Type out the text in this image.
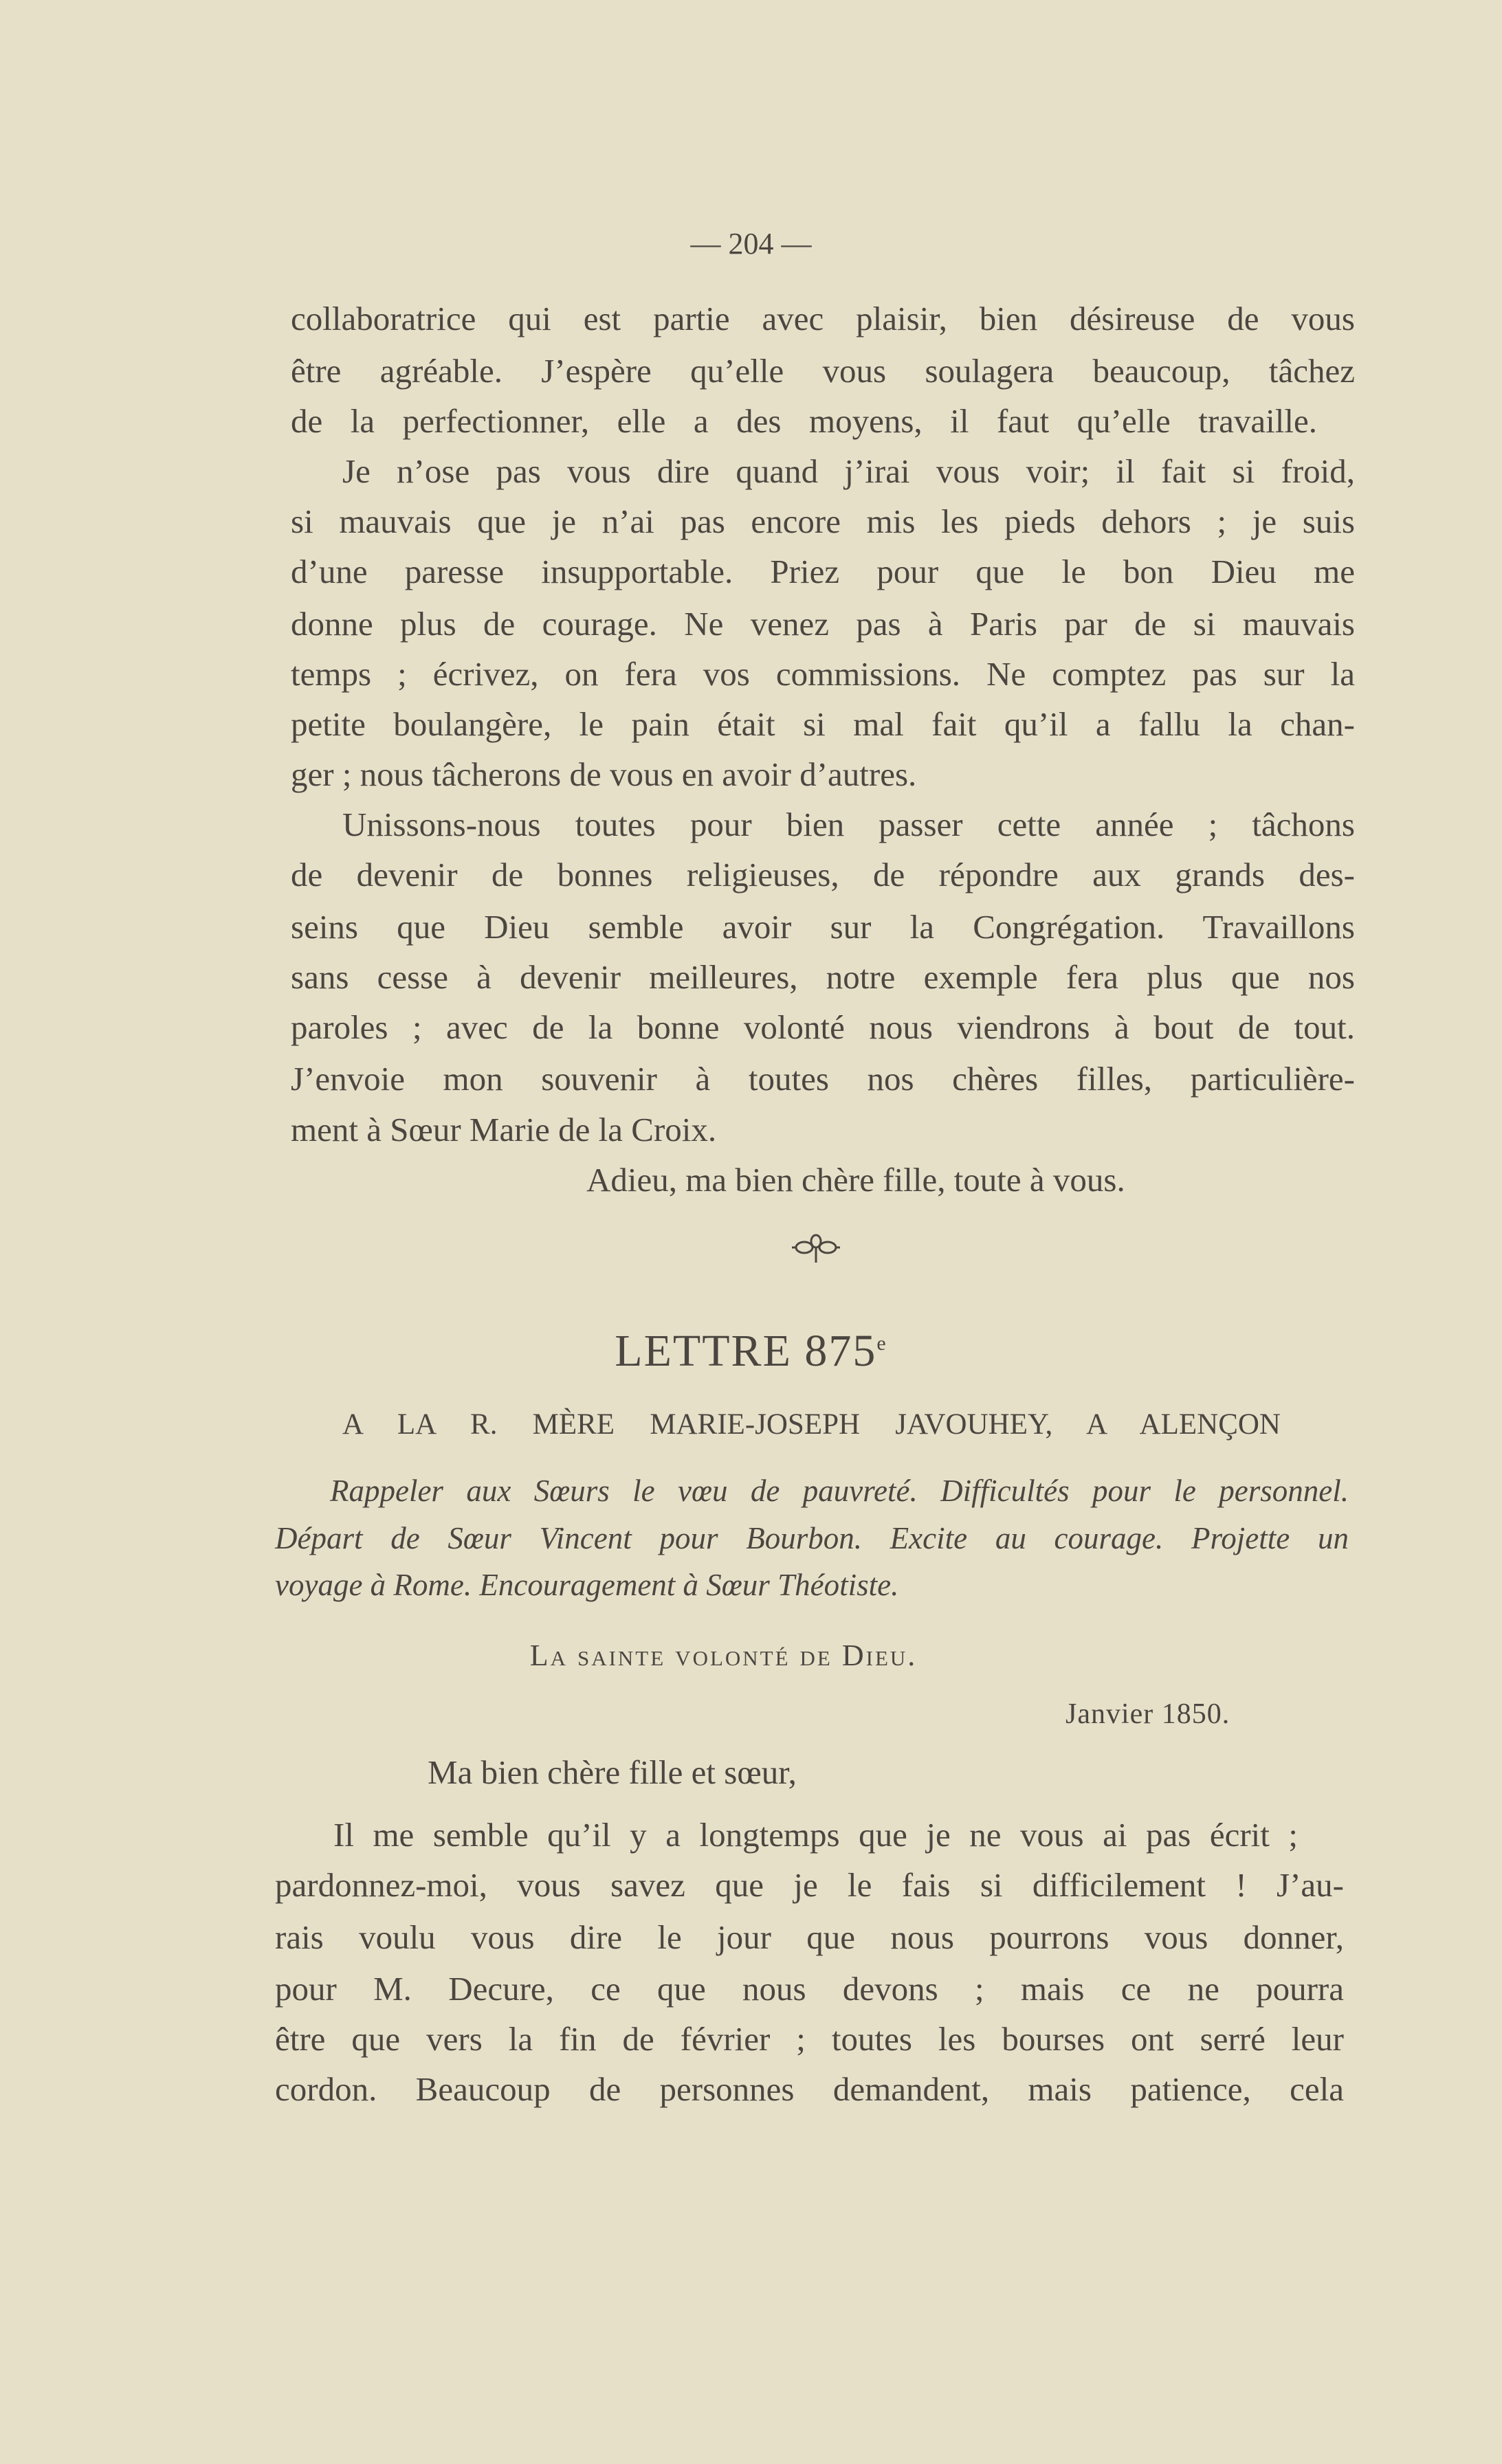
— 204 —
collaboratrice qui est partie avec plaisir, bien désireuse de vous
être agréable. J’espère qu’elle vous soulagera beaucoup, tâchez
de la perfectionner, elle a des moyens, il faut qu’elle travaille.
Je n’ose pas vous dire quand j’irai vous voir; il fait si froid,
si mauvais que je n’ai pas encore mis les pieds dehors ; je suis
d’une paresse insupportable. Priez pour que le bon Dieu me
donne plus de courage. Ne venez pas à Paris par de si mauvais
temps ; écrivez, on fera vos commissions. Ne comptez pas sur la
petite boulangère, le pain était si mal fait qu’il a fallu la chan-
ger ; nous tâcherons de vous en avoir d’autres.
Unissons-nous toutes pour bien passer cette année ; tâchons
de devenir de bonnes religieuses, de répondre aux grands des-
seins que Dieu semble avoir sur la Congrégation. Travaillons
sans cesse à devenir meilleures, notre exemple fera plus que nos
paroles ; avec de la bonne volonté nous viendrons à bout de tout.
J’envoie mon souvenir à toutes nos chères filles, particulière-
ment à Sœur Marie de la Croix.
Adieu, ma bien chère fille, toute à vous.
LETTRE 875e
A LA R. MÈRE MARIE-JOSEPH JAVOUHEY, A ALENÇON
Rappeler aux Sœurs le vœu de pauvreté. Difficultés pour le personnel.
Départ de Sœur Vincent pour Bourbon. Excite au courage. Projette un
voyage à Rome. Encouragement à Sœur Théotiste.
La sainte volonté de Dieu.
Janvier 1850.
Ma bien chère fille et sœur,
Il me semble qu’il y a longtemps que je ne vous ai pas écrit ;
pardonnez-moi, vous savez que je le fais si difficilement ! J’au-
rais voulu vous dire le jour que nous pourrons vous donner,
pour M. Decure, ce que nous devons ; mais ce ne pourra
être que vers la fin de février ; toutes les bourses ont serré leur
cordon. Beaucoup de personnes demandent, mais patience, cela
